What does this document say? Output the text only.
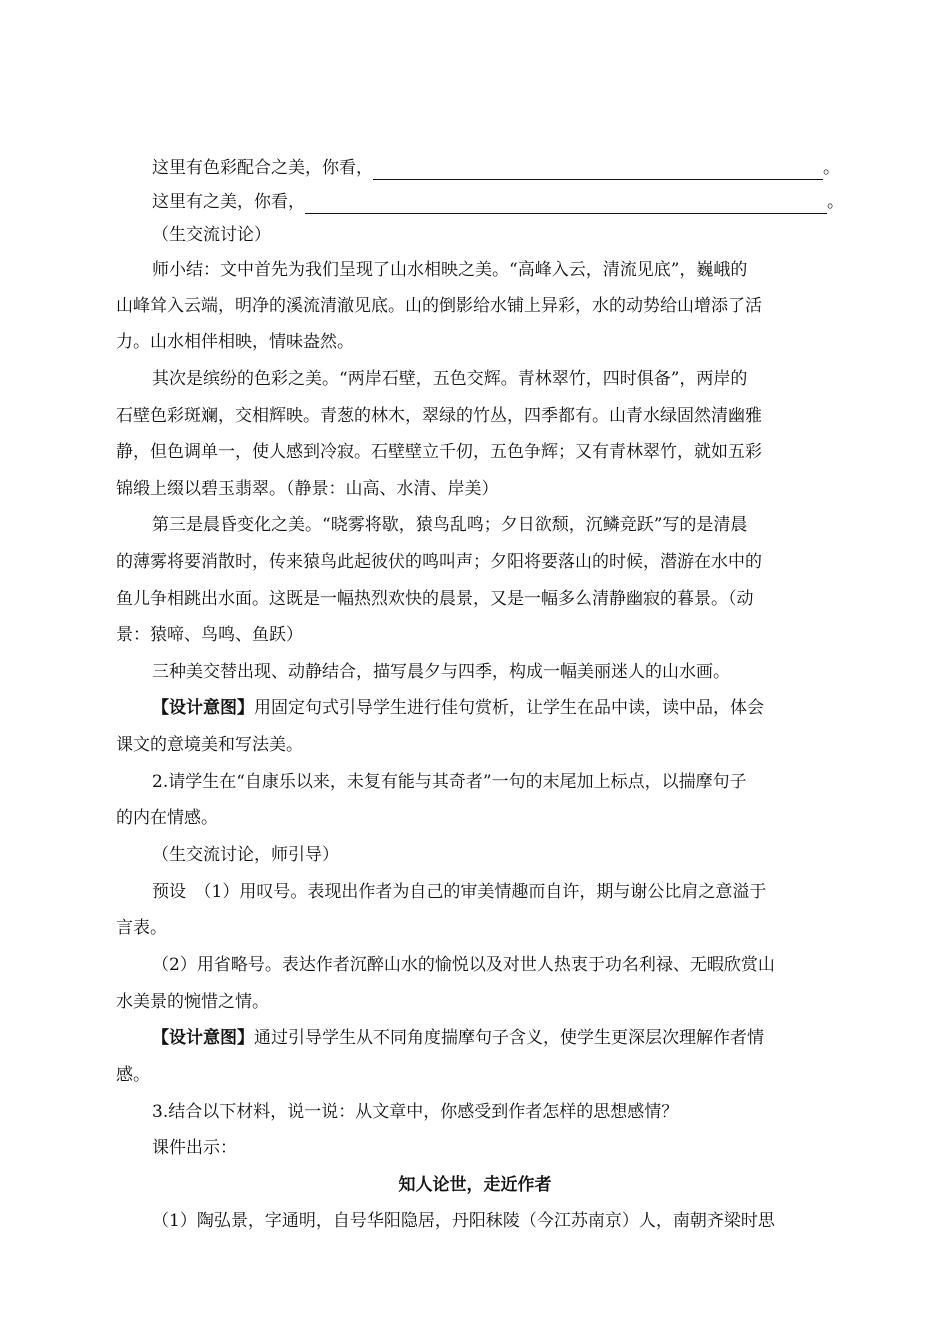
这里有色彩配合之美，你看，	。
这里有之美，你看，	。
（生交流讨论）
师小结：文中首先为我们呈现了山水相映之美。“高峰入云，清流见底”，巍峨的
山峰耸入云端，明净的溪流清澈见底。山的倒影给水铺上异彩，水的动势给山增添了活
力。山水相伴相映，情味盎然。
其次是缤纷的色彩之美。“两岸石壁，五色交辉。青林翠竹，四时俱备”，两岸的
石壁色彩斑斓，交相辉映。青葱的林木，翠绿的竹丛，四季都有。山青水绿固然清幽雅
静，但色调单一，使人感到冷寂。石壁壁立千仞，五色争辉；又有青林翠竹，就如五彩
锦缎上缀以碧玉翡翠。（静景：山高、水清、岸美）
第三是晨昏变化之美。“晓雾将歇，猿鸟乱鸣；夕日欲颓，沉鳞竞跃”写的是清晨
的薄雾将要消散时，传来猿鸟此起彼伏的鸣叫声；夕阳将要落山的时候，潜游在水中的
鱼儿争相跳出水面。这既是一幅热烈欢快的晨景，又是一幅多么清静幽寂的暮景。（动
景：猿啼、鸟鸣、鱼跃）
三种美交替出现、动静结合，描写晨夕与四季，构成一幅美丽迷人的山水画。
【设计意图】用固定句式引导学生进行佳句赏析，让学生在品中读，读中品，体会
课文的意境美和写法美。
2.请学生在“自康乐以来，未复有能与其奇者”一句的末尾加上标点，以揣摩句子
的内在情感。
（生交流讨论，师引导）
预设　（1）用叹号。表现出作者为自己的审美情趣而自许，期与谢公比肩之意溢于
言表。
（2）用省略号。表达作者沉醉山水的愉悦以及对世人热衷于功名利禄、无暇欣赏山
水美景的惋惜之情。
【设计意图】通过引导学生从不同角度揣摩句子含义，使学生更深层次理解作者情
感。
3.结合以下材料，说一说：从文章中，你感受到作者怎样的思想感情？
课件出示：
知人论世，走近作者
（1）陶弘景，字通明，自号华阳隐居，丹阳秣陵（今江苏南京）人，南朝齐梁时思
